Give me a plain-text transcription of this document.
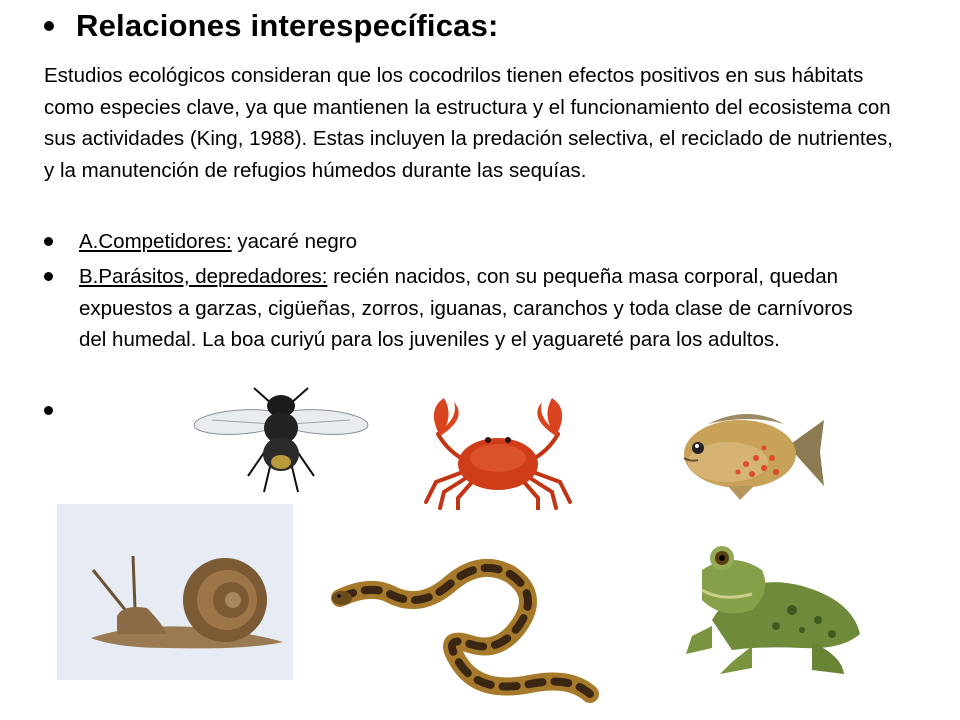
Relaciones interespecíficas:

Estudios ecológicos consideran que los cocodrilos tienen efectos positivos en sus hábitats como especies clave, ya que mantienen la estructura y el funcionamiento del ecosistema con sus actividades (King, 1988). Estas incluyen la predación selectiva, el reciclado de nutrientes, y la manutención de refugios húmedos durante las sequías.

A.Competidores: yacaré negro
B.Parásitos, depredadores: recién nacidos, con su pequeña masa corporal, quedan expuestos a garzas, cigüeñas, zorros, iguanas, caranchos y toda clase de carnívoros del humedal. La boa curiyú para los juveniles y el yaguareté para los adultos.
